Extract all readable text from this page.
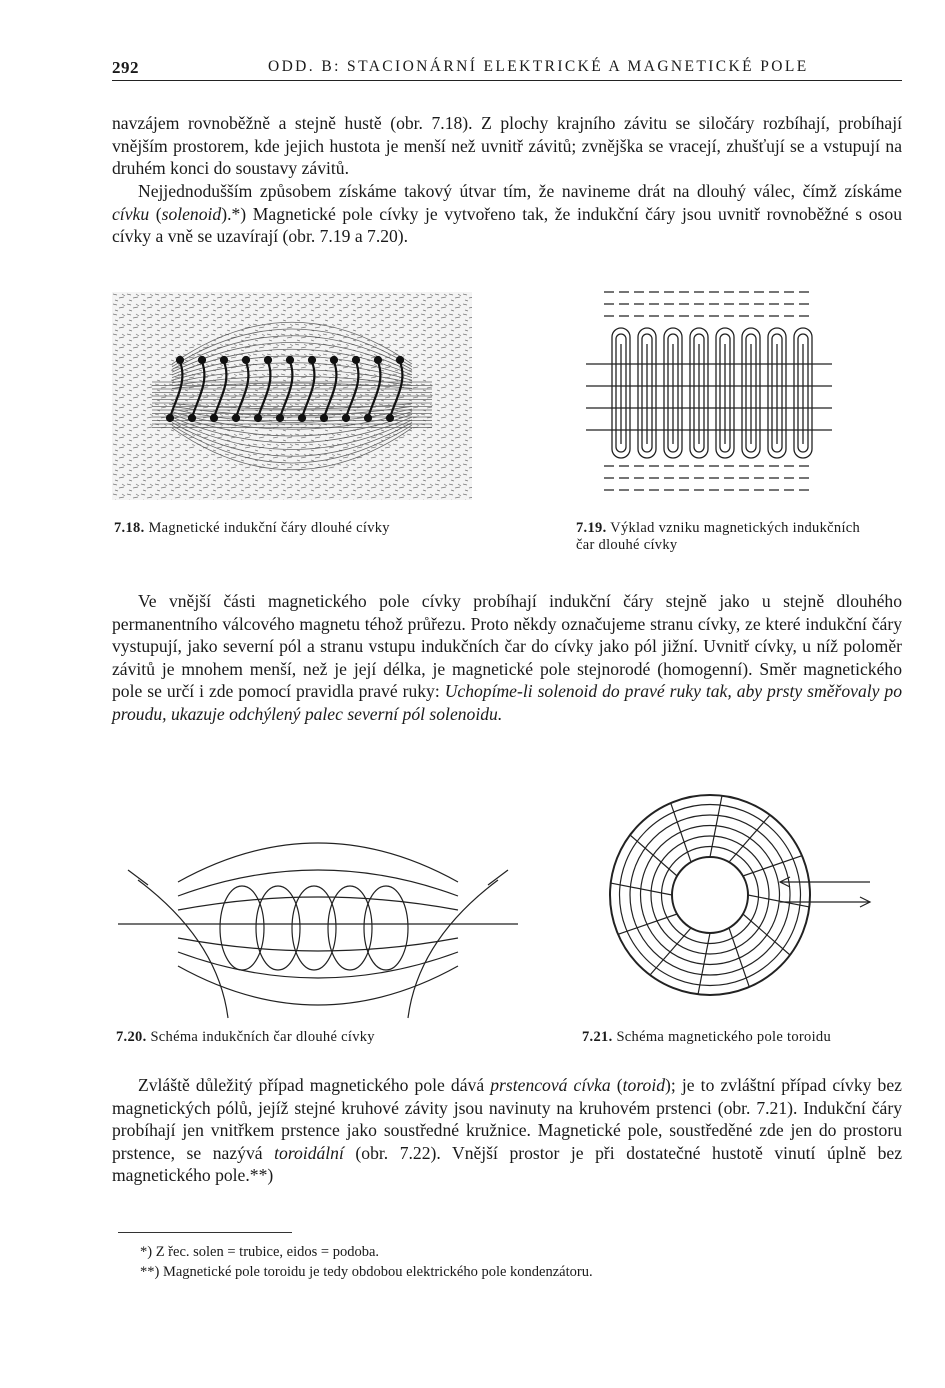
292	ODD. B: STACIONÁRNÍ ELEKTRICKÉ A MAGNETICKÉ POLE
navzájem rovnoběžně a stejně hustě (obr. 7.18). Z plochy krajního závitu se siločáry rozbíhají, probíhají vnějším prostorem, kde jejich hustota je menší než uvnitř závitů; zvnějška se vracejí, zhušťují se a vstupují na druhém konci do soustavy závitů.
Nejjednodušším způsobem získáme takový útvar tím, že navineme drát na dlouhý válec, čímž získáme cívku (solenoid).*) Magnetické pole cívky je vytvořeno tak, že indukční čáry jsou uvnitř rovnoběžné s osou cívky a vně se uzavírají (obr. 7.19 a 7.20).
7.18. Magnetické indukční čáry dlouhé cívky	7.19. Výklad vzniku magnetických indukčních čar dlouhé cívky
Ve vnější části magnetického pole cívky probíhají indukční čáry stejně jako u stejně dlouhého permanentního válcového magnetu téhož průřezu. Proto někdy označujeme stranu cívky, ze které indukční čáry vystupují, jako severní pól a stranu vstupu indukčních čar do cívky jako pól jižní. Uvnitř cívky, u níž poloměr závitů je mnohem menší, než je její délka, je magnetické pole stejnorodé (homogenní). Směr magnetického pole se určí i zde pomocí pravidla pravé ruky: Uchopíme-li solenoid do pravé ruky tak, aby prsty směřovaly po proudu, ukazuje odchýlený palec severní pól solenoidu.
7.20. Schéma indukčních čar dlouhé cívky	7.21. Schéma magnetického pole toroidu
Zvláště důležitý případ magnetického pole dává prstencová cívka (toroid); je to zvláštní případ cívky bez magnetických pólů, jejíž stejné kruhové závity jsou navinuty na kruhovém prstenci (obr. 7.21). Indukční čáry probíhají jen vnitřkem prstence jako soustředné kružnice. Magnetické pole, soustředěné zde jen do prostoru prstence, se nazývá toroidální (obr. 7.22). Vnější prostor je při dostatečné hustotě vinutí úplně bez magnetického pole.**)
*) Z řec. solen = trubice, eidos = podoba.
**) Magnetické pole toroidu je tedy obdobou elektrického pole kondenzátoru.
